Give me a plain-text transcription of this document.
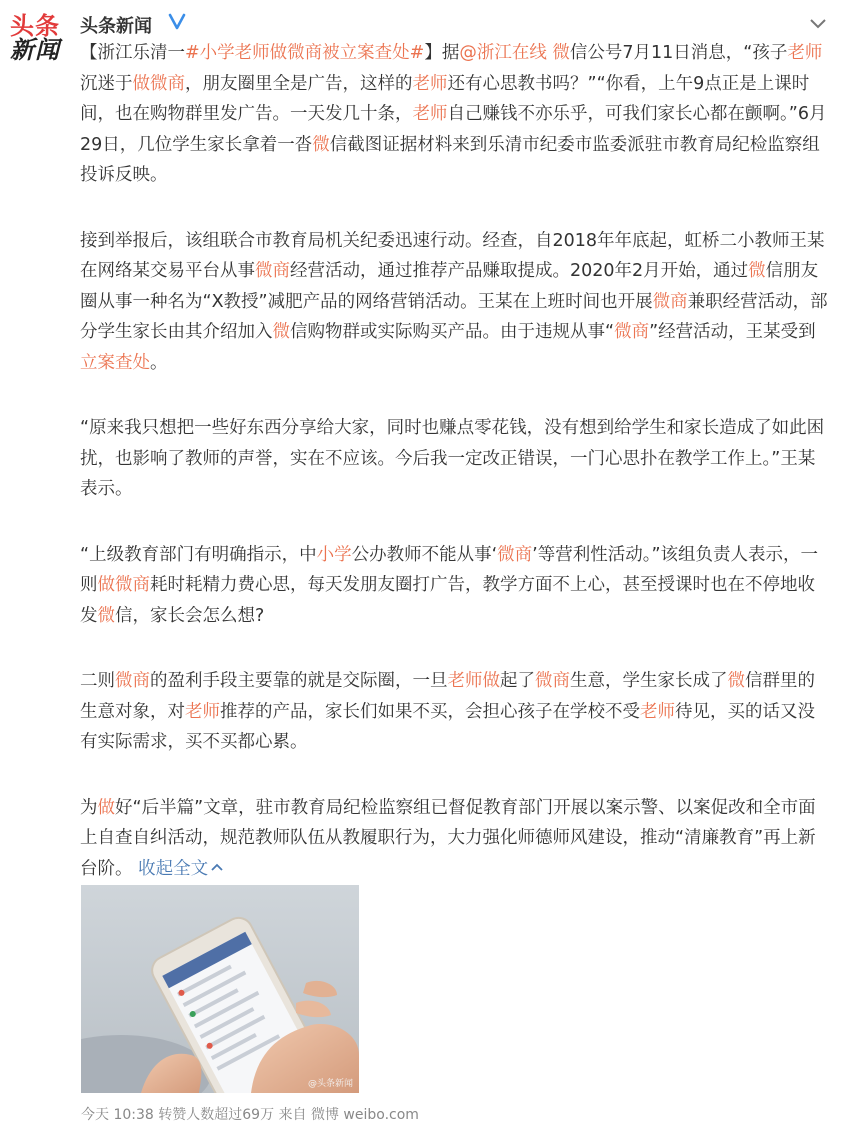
头条
新闻
头条新闻

【浙江乐清一#小学老师做微商被立案查处#】据@浙江在线 微信公号7月11日消息，“孩子老师沉迷于做微商，朋友圈里全是广告，这样的老师还有心思教书吗？”“你看，上午9点正是上课时间，也在购物群里发广告。一天发几十条，老师自己赚钱不亦乐乎，可我们家长心都在颤啊。”6月29日，几位学生家长拿着一沓微信截图证据材料来到乐清市纪委市监委派驻市教育局纪检监察组投诉反映。

接到举报后，该组联合市教育局机关纪委迅速行动。经查，自2018年年底起，虹桥二小教师王某在网络某交易平台从事微商经营活动，通过推荐产品赚取提成。2020年2月开始，通过微信朋友圈从事一种名为“X教授”减肥产品的网络营销活动。王某在上班时间也开展微商兼职经营活动，部分学生家长由其介绍加入微信购物群或实际购买产品。由于违规从事“微商”经营活动，王某受到立案查处。

“原来我只想把一些好东西分享给大家，同时也赚点零花钱，没有想到给学生和家长造成了如此困扰，也影响了教师的声誉，实在不应该。今后我一定改正错误，一门心思扑在教学工作上。”王某表示。

“上级教育部门有明确指示，中小学公办教师不能从事‘微商’等营利性活动。”该组负责人表示，一则做微商耗时耗精力费心思，每天发朋友圈打广告，教学方面不上心，甚至授课时也在不停地收发微信，家长会怎么想?

二则微商的盈利手段主要靠的就是交际圈，一旦老师做起了微商生意，学生家长成了微信群里的生意对象，对老师推荐的产品，家长们如果不买，会担心孩子在学校不受老师待见，买的话又没有实际需求，买不买都心累。

为做好“后半篇”文章，驻市教育局纪检监察组已督促教育部门开展以案示警、以案促改和全市面上自查自纠活动，规范教师队伍从教履职行为，大力强化师德师风建设，推动“清廉教育”再上新台阶。 收起全文

@头条新闻
今天 10:38 转赞人数超过69万 来自 微博 weibo.com
